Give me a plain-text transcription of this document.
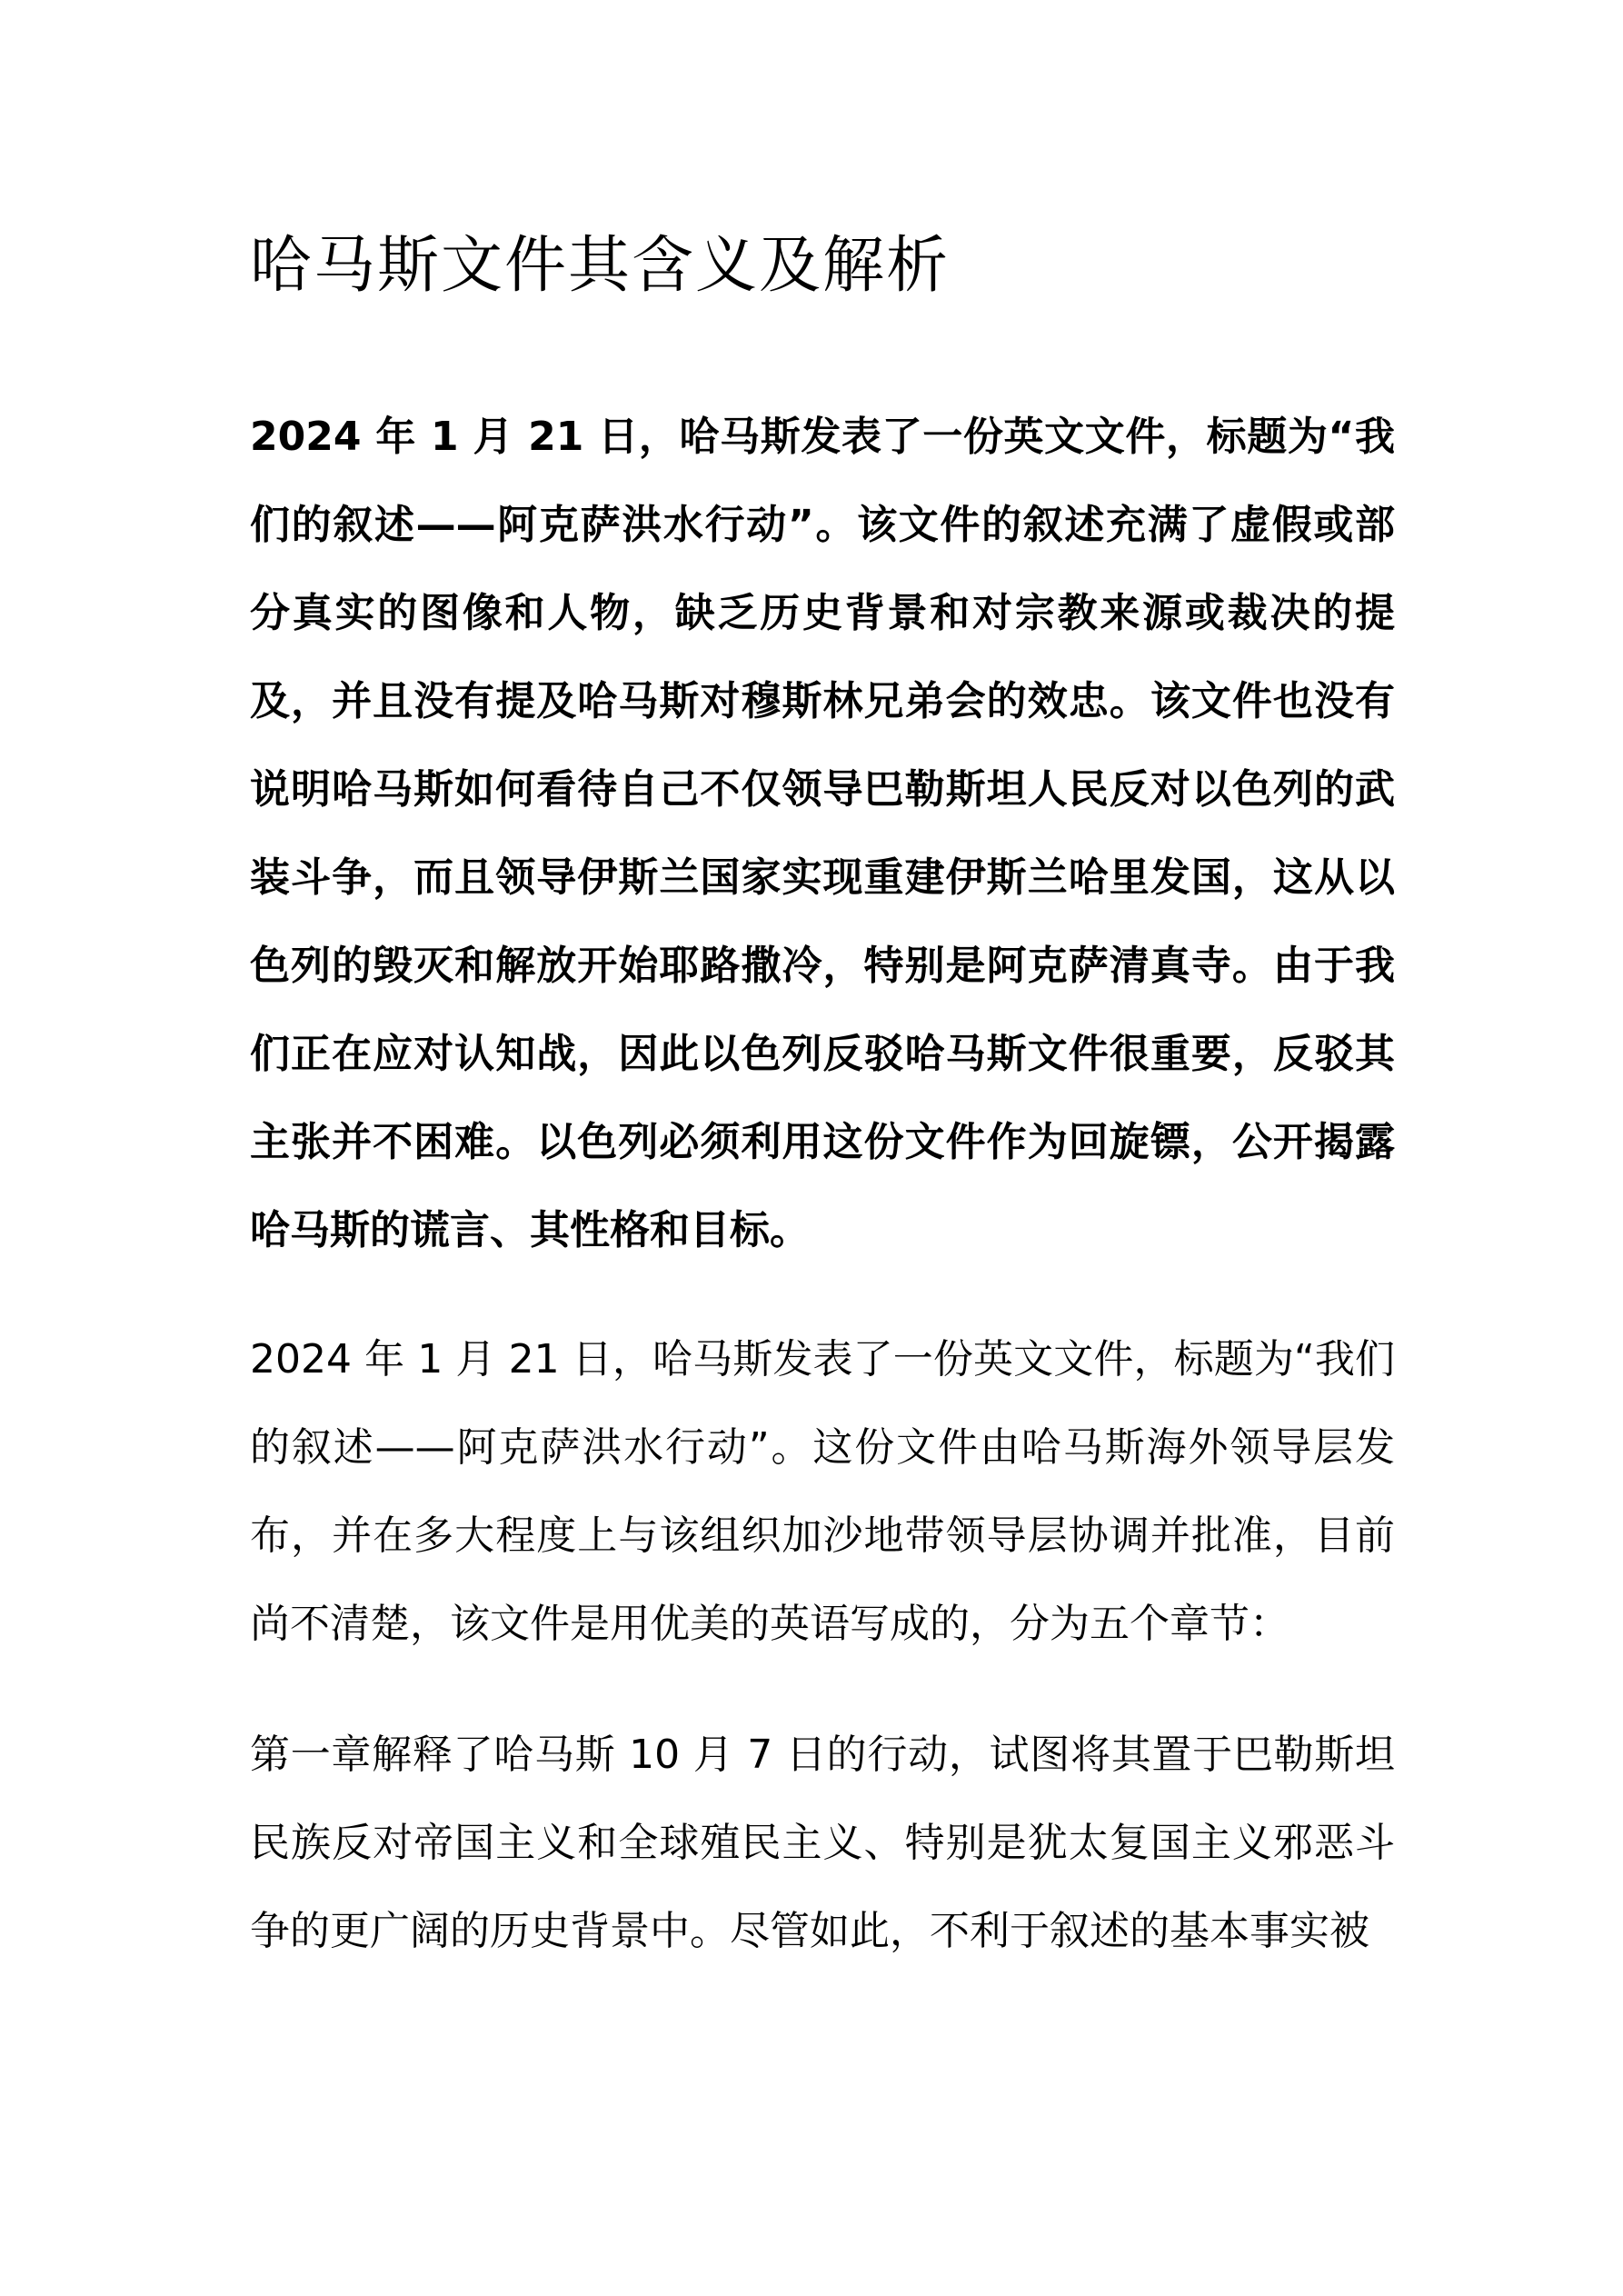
哈马斯文件其含义及解析

2024 年 1 月 21 日，哈马斯发表了一份英文文件，标题为“我们的叙述——阿克萨洪水行动”。该文件的叙述充满了虚假或部分真实的图像和人物，缺乏历史背景和对宗教来源或裁决的提及，并且没有提及哈马斯对穆斯林兄弟会的效忠。该文件也没有说明哈马斯如何看待自己不仅领导巴勒斯坦人民反对以色列的武装斗争，而且领导伊斯兰国家实现重建伊斯兰哈里发国，这从以色列的毁灭和解放开始耶路撒冷，特别是阿克萨清真寺。由于我们正在应对认知战，因此以色列反驳哈马斯文件很重要，反驳其主张并不困难。以色列必须利用这份文件作为回旋镖，公开揭露哈马斯的谎言、其性格和目标。

2024 年 1 月 21 日，哈马斯发表了一份英文文件，标题为“我们的叙述——阿克萨洪水行动”。这份文件由哈马斯海外领导层发布，并在多大程度上与该组织加沙地带领导层协调并批准，目前尚不清楚，该文件是用优美的英语写成的，分为五个章节：

第一章解释了哈马斯 10 月 7 日的行动，试图将其置于巴勒斯坦民族反对帝国主义和全球殖民主义、特别是犹太复国主义邪恶斗争的更广阔的历史背景中。尽管如此，不利于叙述的基本事实被
